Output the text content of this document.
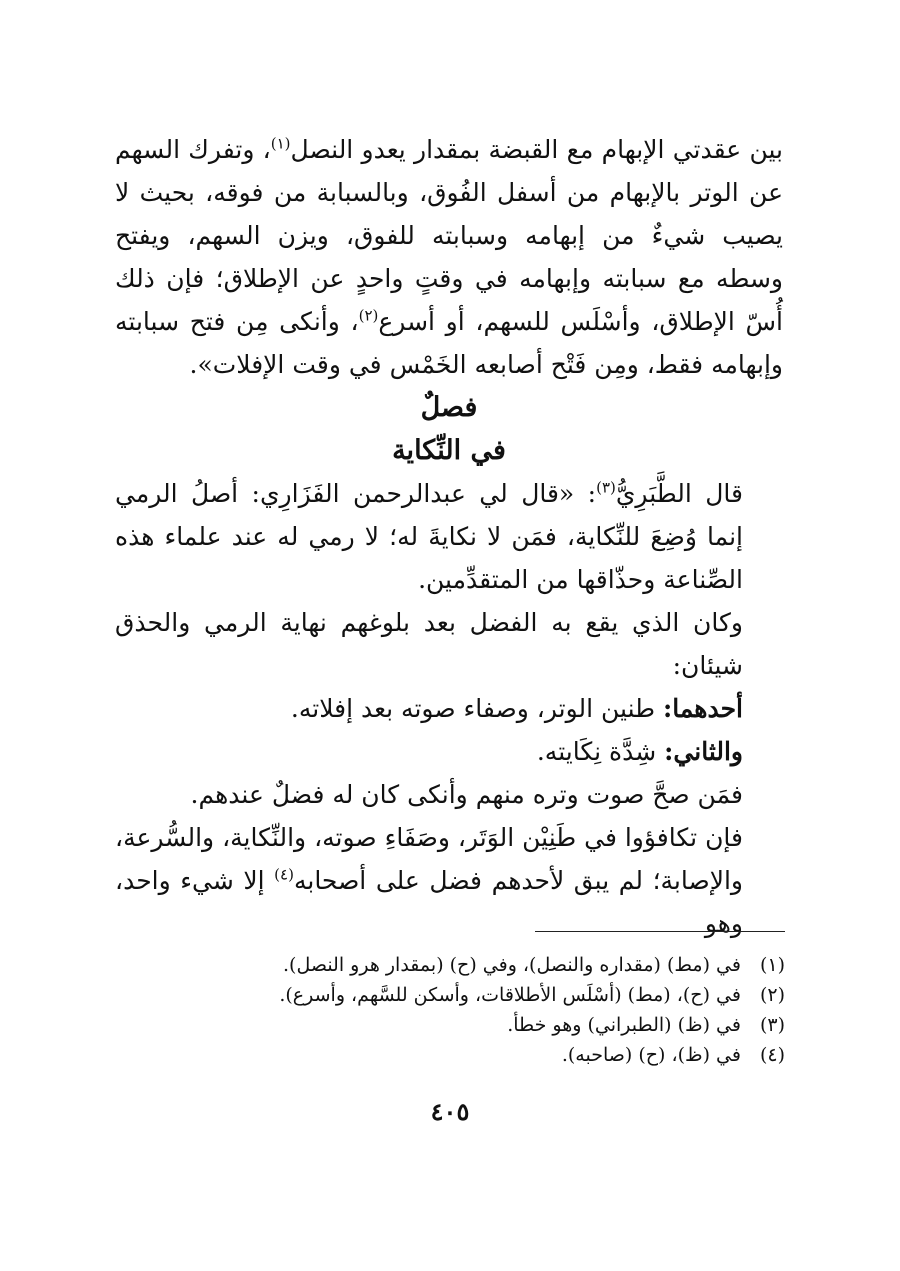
بين عقدتي الإبهام مع القبضة بمقدار يعدو النصل$^{(١)}$، وتفرك السهم عن الوتر بالإبهام من أسفل الفُوق، وبالسبابة من فوقه، بحيث لا يصيب شيءٌ من إبهامه وسبابته للفوق، ويزن السهم، ويفتح وسطه مع سبابته وإبهامه في وقتٍ واحدٍ عن الإطلاق؛ فإن ذلك أُسّ الإطلاق، وأسْلَس للسهم، أو أسرع$^{(٢)}$، وأنكى مِن فتح سبابته وإبهامه فقط، ومِن فَتْح أصابعه الخَمْس في وقت الإفلات».

فصلٌ

في النِّكاية

قال الطَّبَرِيُّ$^{(٣)}$: «قال لي عبدالرحمن الفَزَارِي: أصلُ الرمي إنما وُضِعَ للنِّكاية، فمَن لا نكايةَ له؛ لا رمي له عند علماء هذه الصِّناعة وحذّاقها من المتقدِّمين.

وكان الذي يقع به الفضل بعد بلوغهم نهاية الرمي والحذق شيئان:

أحدهما: طنين الوتر، وصفاء صوته بعد إفلاته.

والثاني: شِدَّة نِكَايته.

فمَن صحَّ صوت وتره منهم وأنكى كان له فضلٌ عندهم.

فإن تكافؤوا في طَنِيْن الوَتَر، وصَفَاءِ صوته، والنِّكاية، والسُّرعة، والإصابة؛ لم يبق لأحدهم فضل على أصحابه$^{(٤)}$ إلا شيء واحد، وهو

(١) في (مط) (مقداره والنصل)، وفي (ح) (بمقدار هرو النصل).

(٢) في (ح)، (مط) (أسْلَس الأطلاقات، وأسكن للسَّهم، وأسرع).

(٣) في (ظ) (الطبراني) وهو خطأ.

(٤) في (ظ)، (ح) (صاحبه).

٤٠٥
